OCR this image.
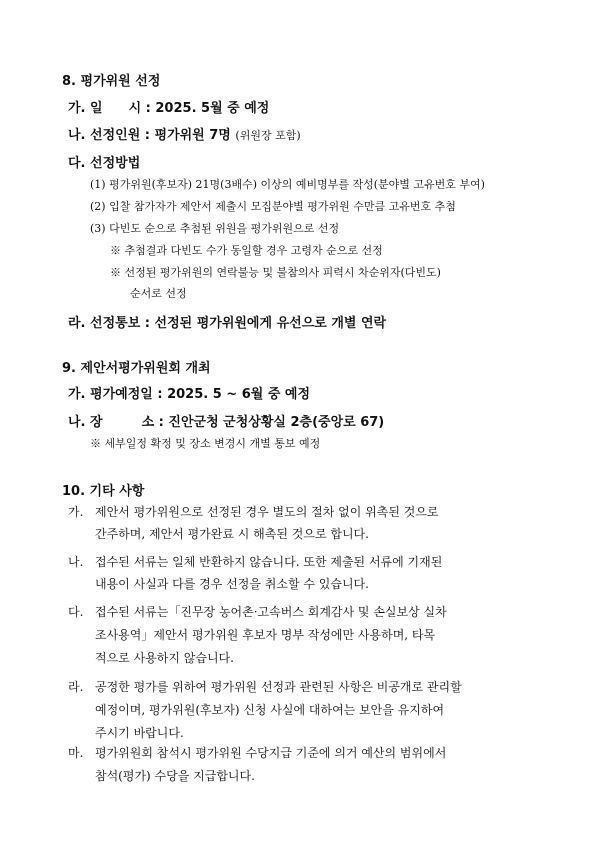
8. 평가위원 선정
가. 일　　시 : 2025. 5월 중 예정
나. 선정인원 : 평가위원 7명 (위원장 포함)
다. 선정방법
(1) 평가위원(후보자) 21명(3배수) 이상의 예비명부를 작성(분야별 고유번호 부여)
(2) 입찰 참가자가 제안서 제출시 모집분야별 평가위원 수만큼 고유번호 추첨
(3) 다빈도 순으로 추첨된 위원을 평가위원으로 선정
※ 추첨결과 다빈도 수가 동일할 경우 고령자 순으로 선정
※ 선정된 평가위원의 연락불능 및 불참의사 피력시 차순위자(다빈도)
순서로 선정
라. 선정통보 : 선정된 평가위원에게 유선으로 개별 연락
9. 제안서평가위원회 개최
가. 평가예정일 : 2025. 5 ~ 6월 중 예정
나. 장　　　소 : 진안군청 군청상황실 2층(중앙로 67)
※ 세부일정 확정 및 장소 변경시 개별 통보 예정
10. 기타 사항
가. 제안서 평가위원으로 선정된 경우 별도의 절차 없이 위촉된 것으로
간주하며, 제안서 평가완료 시 해촉된 것으로 합니다.
나. 접수된 서류는 일체 반환하지 않습니다. 또한 제출된 서류에 기재된
내용이 사실과 다를 경우 선정을 취소할 수 있습니다.
다. 접수된 서류는「진무장 농어촌·고속버스 회계감사 및 손실보상 실차
조사용역」제안서 평가위원 후보자 명부 작성에만 사용하며, 타목
적으로 사용하지 않습니다.
라. 공정한 평가를 위하여 평가위원 선정과 관련된 사항은 비공개로 관리할
예정이며, 평가위원(후보자) 신청 사실에 대하여는 보안을 유지하여
주시기 바랍니다.
마. 평가위원회 참석시 평가위원 수당지급 기준에 의거 예산의 범위에서
참석(평가) 수당을 지급합니다.
